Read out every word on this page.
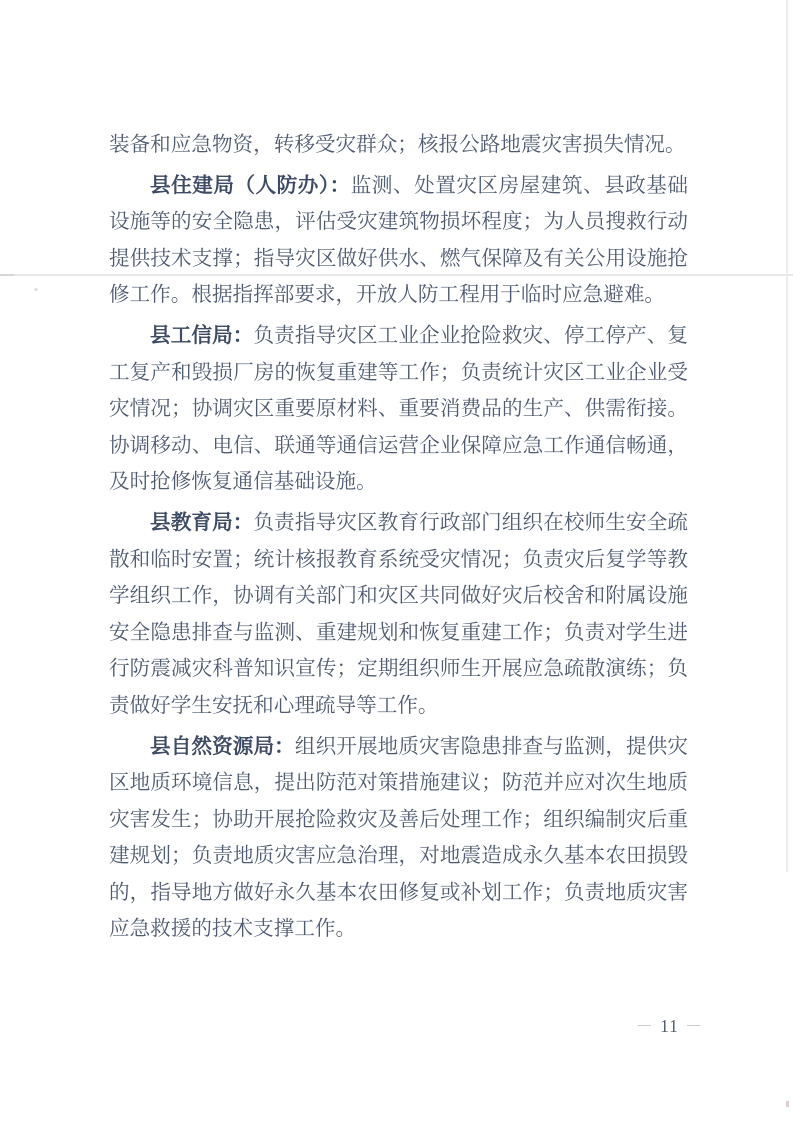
装备和应急物资，转移受灾群众；核报公路地震灾害损失情况。

县住建局（人防办）：监测、处置灾区房屋建筑、县政基础设施等的安全隐患，评估受灾建筑物损坏程度；为人员搜救行动提供技术支撑；指导灾区做好供水、燃气保障及有关公用设施抢修工作。根据指挥部要求，开放人防工程用于临时应急避难。

县工信局：负责指导灾区工业企业抢险救灾、停工停产、复工复产和毁损厂房的恢复重建等工作；负责统计灾区工业企业受灾情况；协调灾区重要原材料、重要消费品的生产、供需衔接。协调移动、电信、联通等通信运营企业保障应急工作通信畅通，及时抢修恢复通信基础设施。

县教育局：负责指导灾区教育行政部门组织在校师生安全疏散和临时安置；统计核报教育系统受灾情况；负责灾后复学等教学组织工作，协调有关部门和灾区共同做好灾后校舍和附属设施安全隐患排查与监测、重建规划和恢复重建工作；负责对学生进行防震减灾科普知识宣传；定期组织师生开展应急疏散演练；负责做好学生安抚和心理疏导等工作。

县自然资源局：组织开展地质灾害隐患排查与监测，提供灾区地质环境信息，提出防范对策措施建议；防范并应对次生地质灾害发生；协助开展抢险救灾及善后处理工作；组织编制灾后重建规划；负责地质灾害应急治理，对地震造成永久基本农田损毁的，指导地方做好永久基本农田修复或补划工作；负责地质灾害应急救援的技术支撑工作。

－ 11 －
